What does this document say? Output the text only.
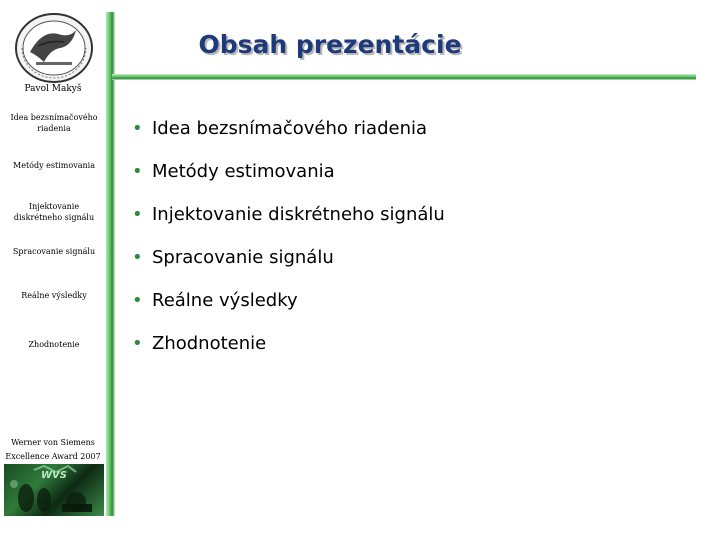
Obsah prezentácie
Pavol Makyš
Idea bezsnímačového riadenia
Metódy estimovania
Injektovanie diskrétneho signálu
Spracovanie signálu
Reálne výsledky
Zhodnotenie
Werner von Siemens
Excellence Award 2007
WVS
• Idea bezsnímačového riadenia
• Metódy estimovania
• Injektovanie diskrétneho signálu
• Spracovanie signálu
• Reálne výsledky
• Zhodnotenie
